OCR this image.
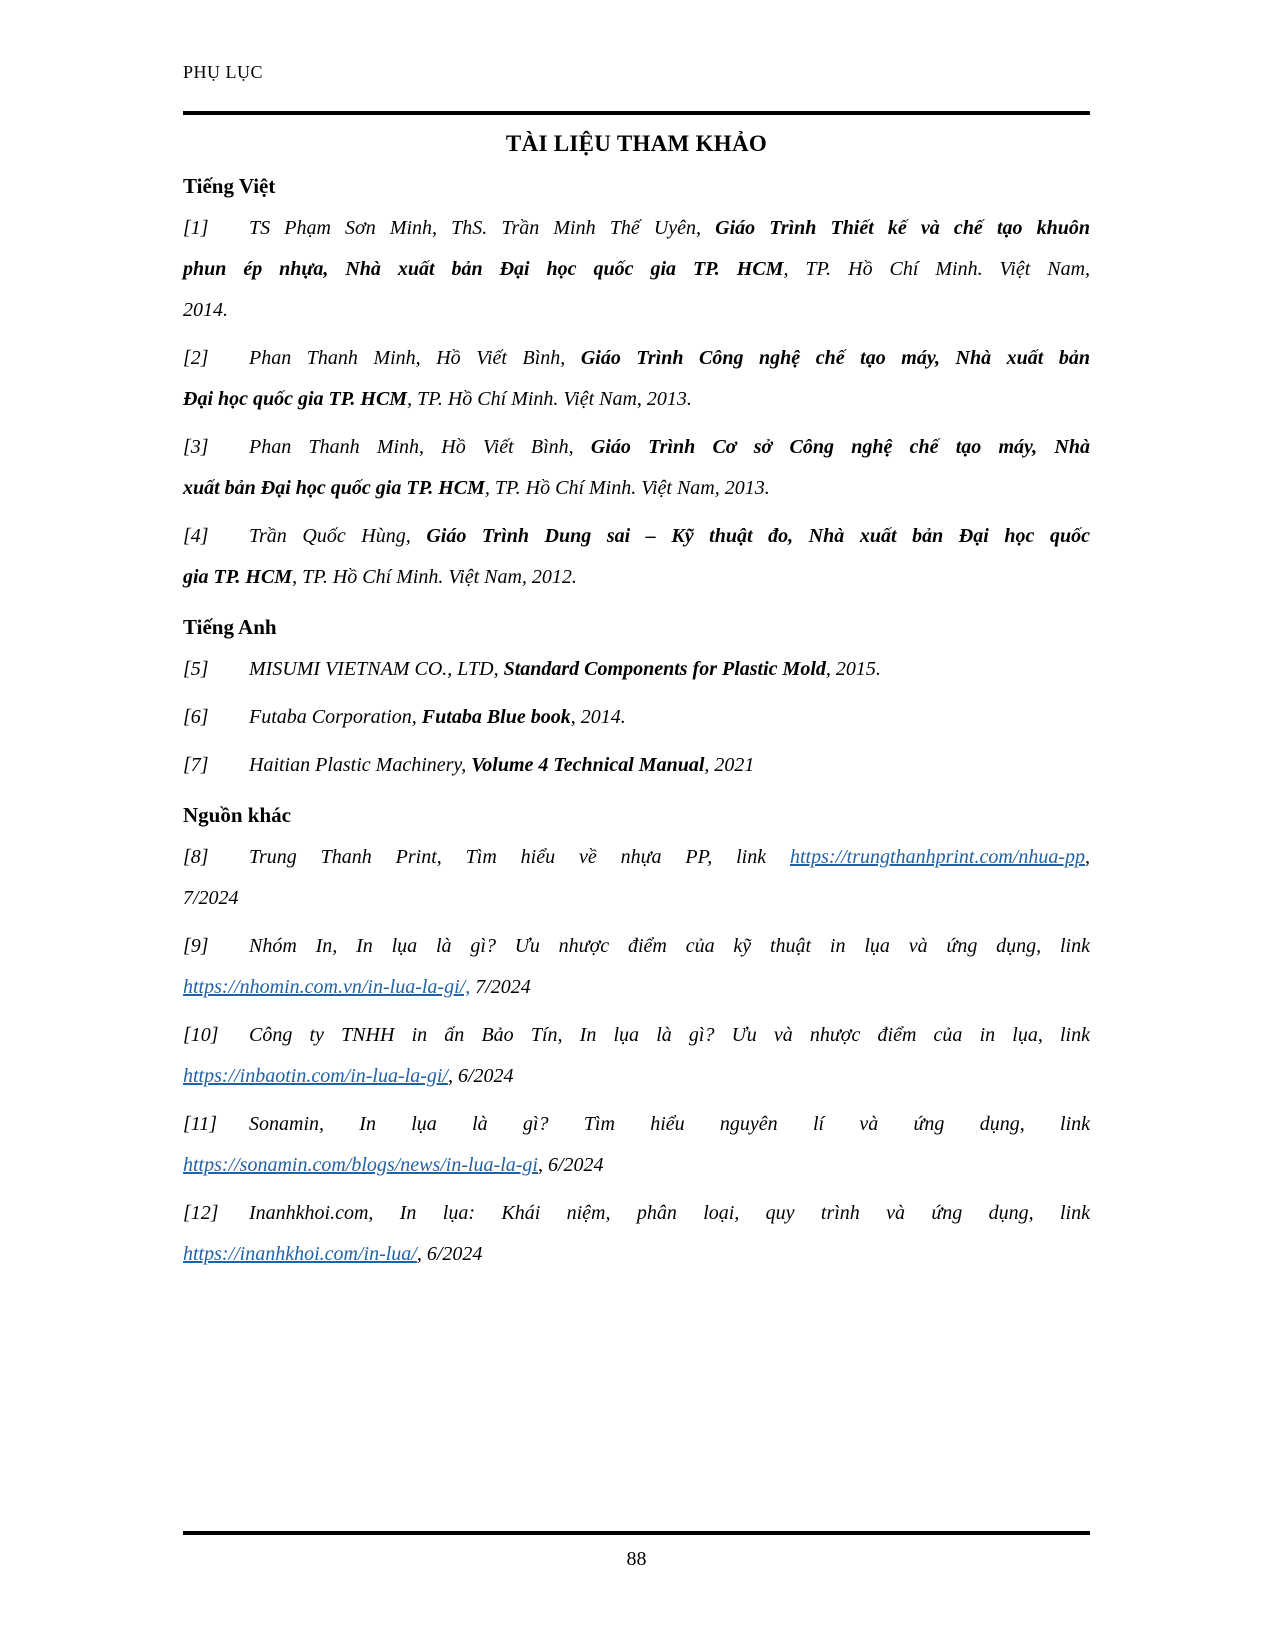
PHỤ LỤC
TÀI LIỆU THAM KHẢO
Tiếng Việt
[1] TS Phạm Sơn Minh, ThS. Trần Minh Thế Uyên, Giáo Trình Thiết kế và chế tạo khuôn
phun ép nhựa, Nhà xuất bản Đại học quốc gia TP. HCM, TP. Hồ Chí Minh. Việt Nam,
2014.
[2] Phan Thanh Minh, Hồ Viết Bình, Giáo Trình Công nghệ chế tạo máy, Nhà xuất bản
Đại học quốc gia TP. HCM, TP. Hồ Chí Minh. Việt Nam, 2013.
[3] Phan Thanh Minh, Hồ Viết Bình, Giáo Trình Cơ sở Công nghệ chế tạo máy, Nhà
xuất bản Đại học quốc gia TP. HCM, TP. Hồ Chí Minh. Việt Nam, 2013.
[4] Trần Quốc Hùng, Giáo Trình Dung sai – Kỹ thuật đo, Nhà xuất bản Đại học quốc
gia TP. HCM, TP. Hồ Chí Minh. Việt Nam, 2012.
Tiếng Anh
[5] MISUMI VIETNAM CO., LTD, Standard Components for Plastic Mold, 2015.
[6] Futaba Corporation, Futaba Blue book, 2014.
[7] Haitian Plastic Machinery, Volume 4 Technical Manual, 2021
Nguồn khác
[8] Trung Thanh Print, Tìm hiểu về nhựa PP, link https://trungthanhprint.com/nhua-pp,
7/2024
[9] Nhóm In, In lụa là gì? Ưu nhược điểm của kỹ thuật in lụa và ứng dụng, link
https://nhomin.com.vn/in-lua-la-gi/, 7/2024
[10] Công ty TNHH in ấn Bảo Tín, In lụa là gì? Ưu và nhược điểm của in lụa, link
https://inbaotin.com/in-lua-la-gi/, 6/2024
[11] Sonamin, In lụa là gì? Tìm hiểu nguyên lí và ứng dụng, link
https://sonamin.com/blogs/news/in-lua-la-gi, 6/2024
[12] Inanhkhoi.com, In lụa: Khái niệm, phân loại, quy trình và ứng dụng, link
https://inanhkhoi.com/in-lua/, 6/2024
88
